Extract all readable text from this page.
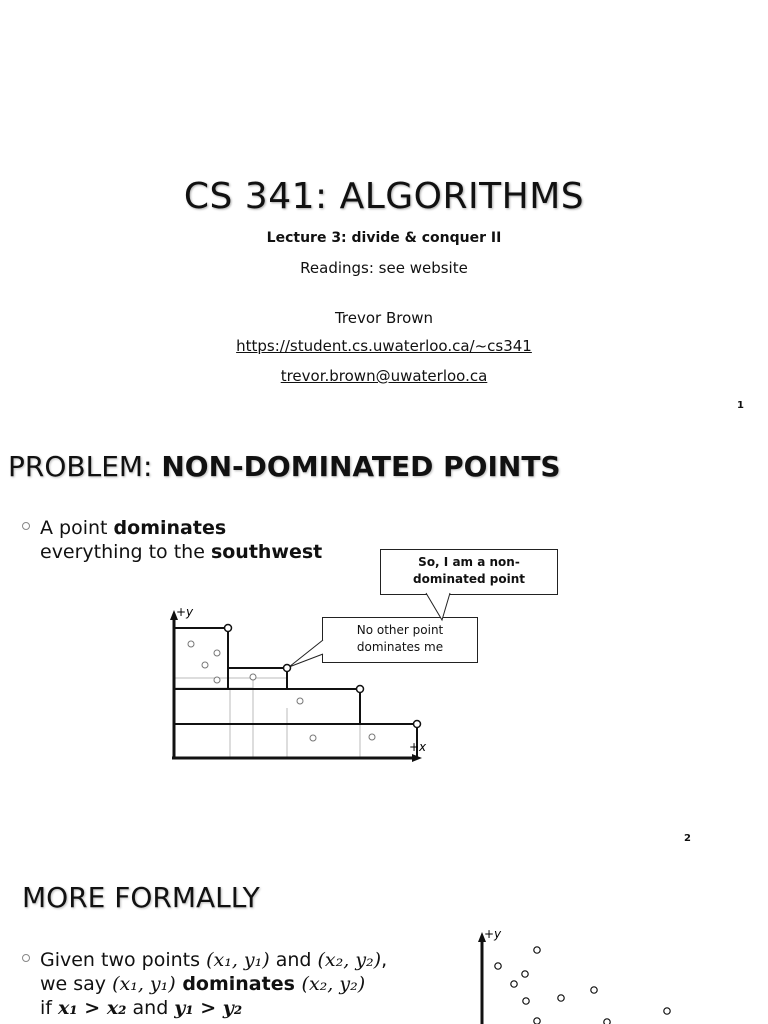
CS 341: ALGORITHMS
Lecture 3: divide & conquer II
Readings: see website
Trevor Brown
https://student.cs.uwaterloo.ca/~cs341
trevor.brown@uwaterloo.ca
1
PROBLEM: NON-DOMINATED POINTS
A point dominates
everything to the southwest	So, I am a non-dominated point
No other point dominates me
+y
+x
2
MORE FORMALLY
Given two points (x₁, y₁) and (x₂, y₂),
we say (x₁, y₁) dominates (x₂, y₂)
if x₁ > x₂ and y₁ > y₂
+y
